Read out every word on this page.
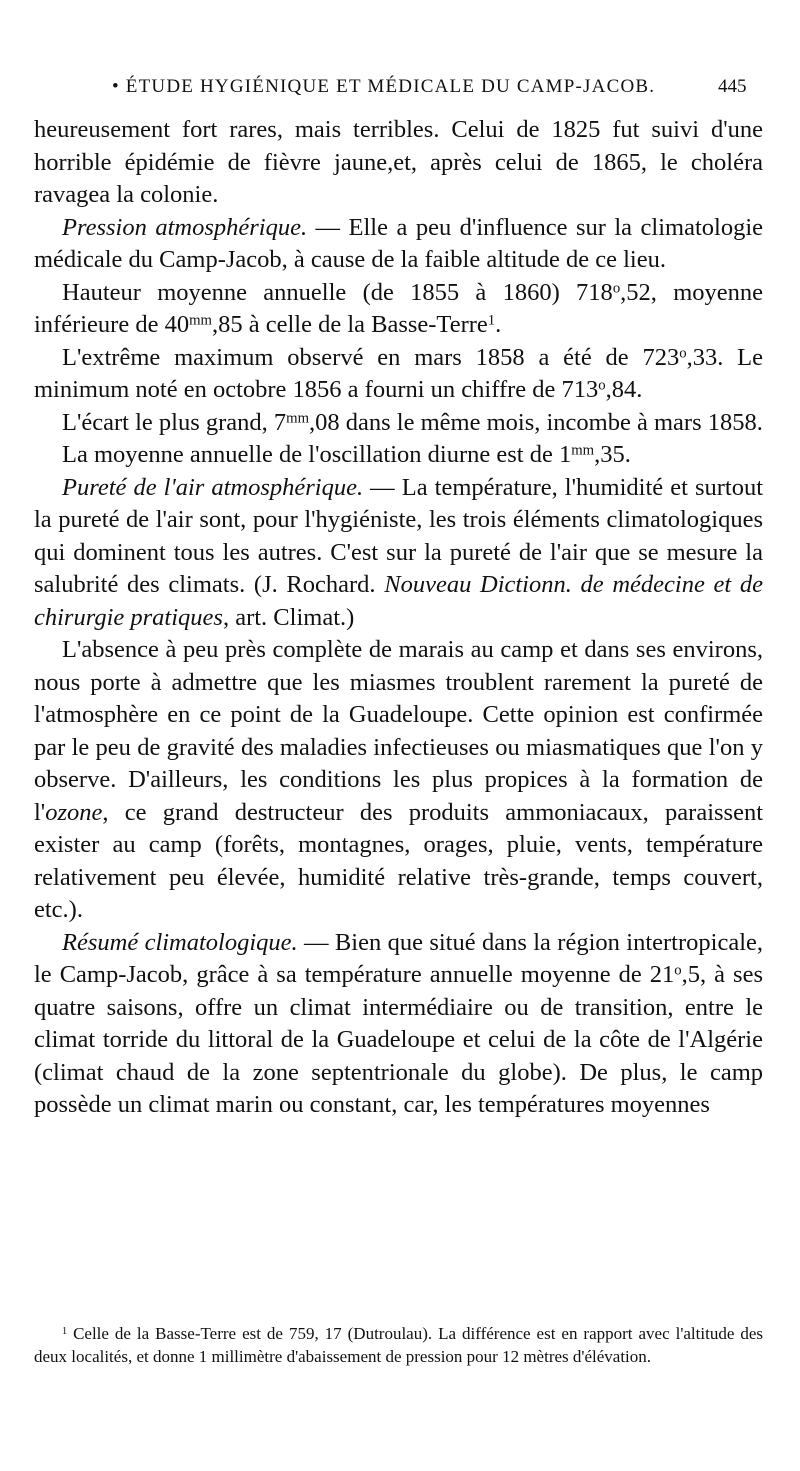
• ÉTUDE HYGIÉNIQUE ET MÉDICALE DU CAMP-JACOB.	445

heureusement fort rares, mais terribles. Celui de 1825 fut suivi d'une horrible épidémie de fièvre jaune,et, après celui de 1865, le choléra ravagea la colonie.

Pression atmosphérique. — Elle a peu d'influence sur la climatologie médicale du Camp-Jacob, à cause de la faible altitude de ce lieu.

Hauteur moyenne annuelle (de 1855 à 1860) 718$^o$,52, moyenne inférieure de $40^{mm},85$ à celle de la Basse-Terre$^1$.

L'extrême maximum observé en mars 1858 a été de 723$^o$,33. Le minimum noté en octobre 1856 a fourni un chiffre de 713$^o$,84.

L'écart le plus grand, $7^{mm},08$ dans le même mois, incombe à mars 1858.

La moyenne annuelle de l'oscillation diurne est de $1^{mm},35$.

Pureté de l'air atmosphérique. — La température, l'humidité et surtout la pureté de l'air sont, pour l'hygiéniste, les trois éléments climatologiques qui dominent tous les autres. C'est sur la pureté de l'air que se mesure la salubrité des climats. (J. Rochard. Nouveau Dictionn. de médecine et de chirurgie pratiques, art. Climat.)

L'absence à peu près complète de marais au camp et dans ses environs, nous porte à admettre que les miasmes troublent rarement la pureté de l'atmosphère en ce point de la Guadeloupe. Cette opinion est confirmée par le peu de gravité des maladies infectieuses ou miasmatiques que l'on y observe. D'ailleurs, les conditions les plus propices à la formation de l'ozone, ce grand destructeur des produits ammoniacaux, paraissent exister au camp (forêts, montagnes, orages, pluie, vents, température relativement peu élevée, humidité relative très-grande, temps couvert, etc.).

Résumé climatologique. — Bien que situé dans la région intertropicale, le Camp-Jacob, grâce à sa température annuelle moyenne de 21$^o$,5, à ses quatre saisons, offre un climat intermédiaire ou de transition, entre le climat torride du littoral de la Guadeloupe et celui de la côte de l'Algérie (climat chaud de la zone septentrionale du globe). De plus, le camp possède un climat marin ou constant, car, les températures moyennes

$^1$ Celle de la Basse-Terre est de 759, 17 (Dutroulau). La différence est en rapport avec l'altitude des deux localités, et donne 1 millimètre d'abaissement de pression pour 12 mètres d'élévation.
